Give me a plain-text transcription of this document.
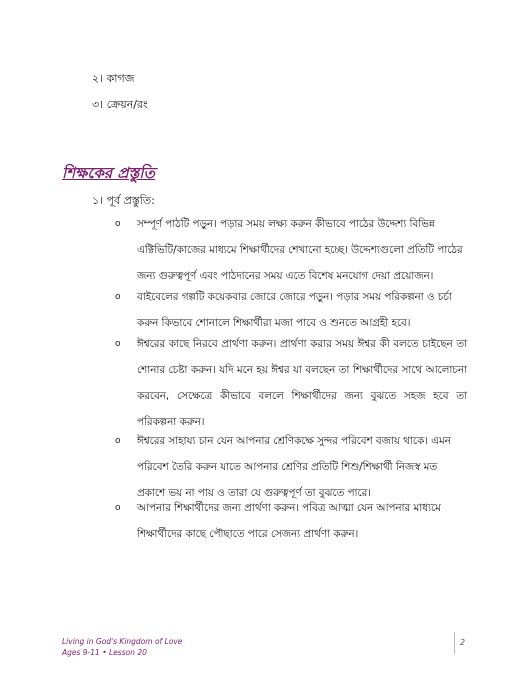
২। কাগজ
৩। ক্রেয়ন/রং
শিক্ষকের প্রস্তুতি
১। পূর্ব প্রস্তুতি:
o সম্পূর্ণ পাঠটি পড়ুন। পড়ার সময় লক্ষ্য করুন কীভাবে পাঠের উদ্দেশ্য বিভিন্ন এক্টিভিটি/কাজের মাধ্যমে শিক্ষার্থীদের শেখানো হচ্ছে। উদ্দেশ্যগুলো প্রতিটি পাঠের জন্য গুরুত্বপূর্ণ এবং পাঠদানের সময় এতে বিশেষ মনযোগ দেয়া প্রয়োজন।
o বাইবেলের গল্পটি কয়েকবার জোরে জোরে পড়ুন। পড়ার সময় পরিকল্পনা ও চর্চা করুন কিভাবে শোনালে শিক্ষার্থীরা মজা পাবে ও শুনতে আগ্রহী হবে।
o ঈশ্বরের কাছে নিরবে প্রার্থণা করুন। প্রার্থণা করার সময় ঈশ্বর কী বলতে চাইছেন তা শোনার চেষ্টা করুন। যদি মনে হয় ঈশ্বর যা বলছেন তা শিক্ষার্থীদের সাথে আলোচনা করবেন, সেক্ষেত্রে কীভাবে বললে শিক্ষার্থীদের জন্য বুঝতে সহজ হবে তা পরিকল্পনা করুন।
o ঈশ্বরের সাহায্য চান যেন আপনার শ্রেণিকক্ষে সুন্দর পরিবেশ বজায় থাকে। এমন পরিবেশ তৈরি করুন যাতে আপনার শ্রেণির প্রতিটি শিশু/শিক্ষার্থী নিজস্ব মত প্রকাশে ভয় না পায় ও তারা যে গুরুত্বপূর্ণ তা বুঝতে পারে।
o আপনার শিক্ষার্থীদের জন্য প্রার্থণা করুন। পবিত্র আত্মা যেন আপনার মাধ্যমে শিক্ষার্থীদের কাছে পৌছাতে পারে সেজন্য প্রার্থণা করুন।
Living in God's Kingdom of Love
Ages 9-11 • Lesson 20
2
